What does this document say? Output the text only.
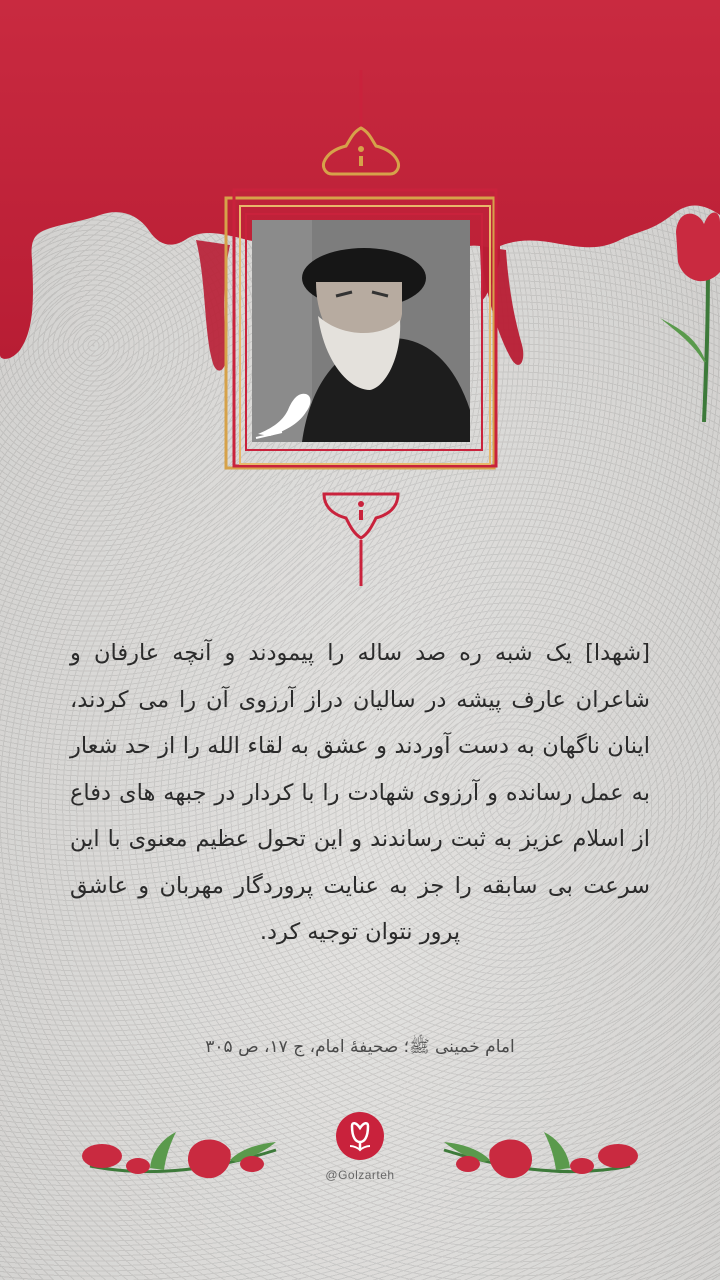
[شهدا] یک شبه ره صد ساله را پیمودند و آنچه عارفان و شاعران عارف پیشه در سالیان دراز آرزوی آن را می کردند، اینان ناگهان به دست آوردند و عشق به لقاء الله را از حد شعار به عمل رسانده و آرزوی شهادت را با کردار در جبهه های دفاع از اسلام عزیز به ثبت رساندند و این تحول عظیم معنوی با این سرعت بی سابقه را جز به عنایت پروردگار مهربان و عاشق پرور نتوان توجیه کرد.
امام خمینی ﷺ؛ صحیفهٔ امام، ج ۱۷، ص ۳۰۵
@Golzarteh
